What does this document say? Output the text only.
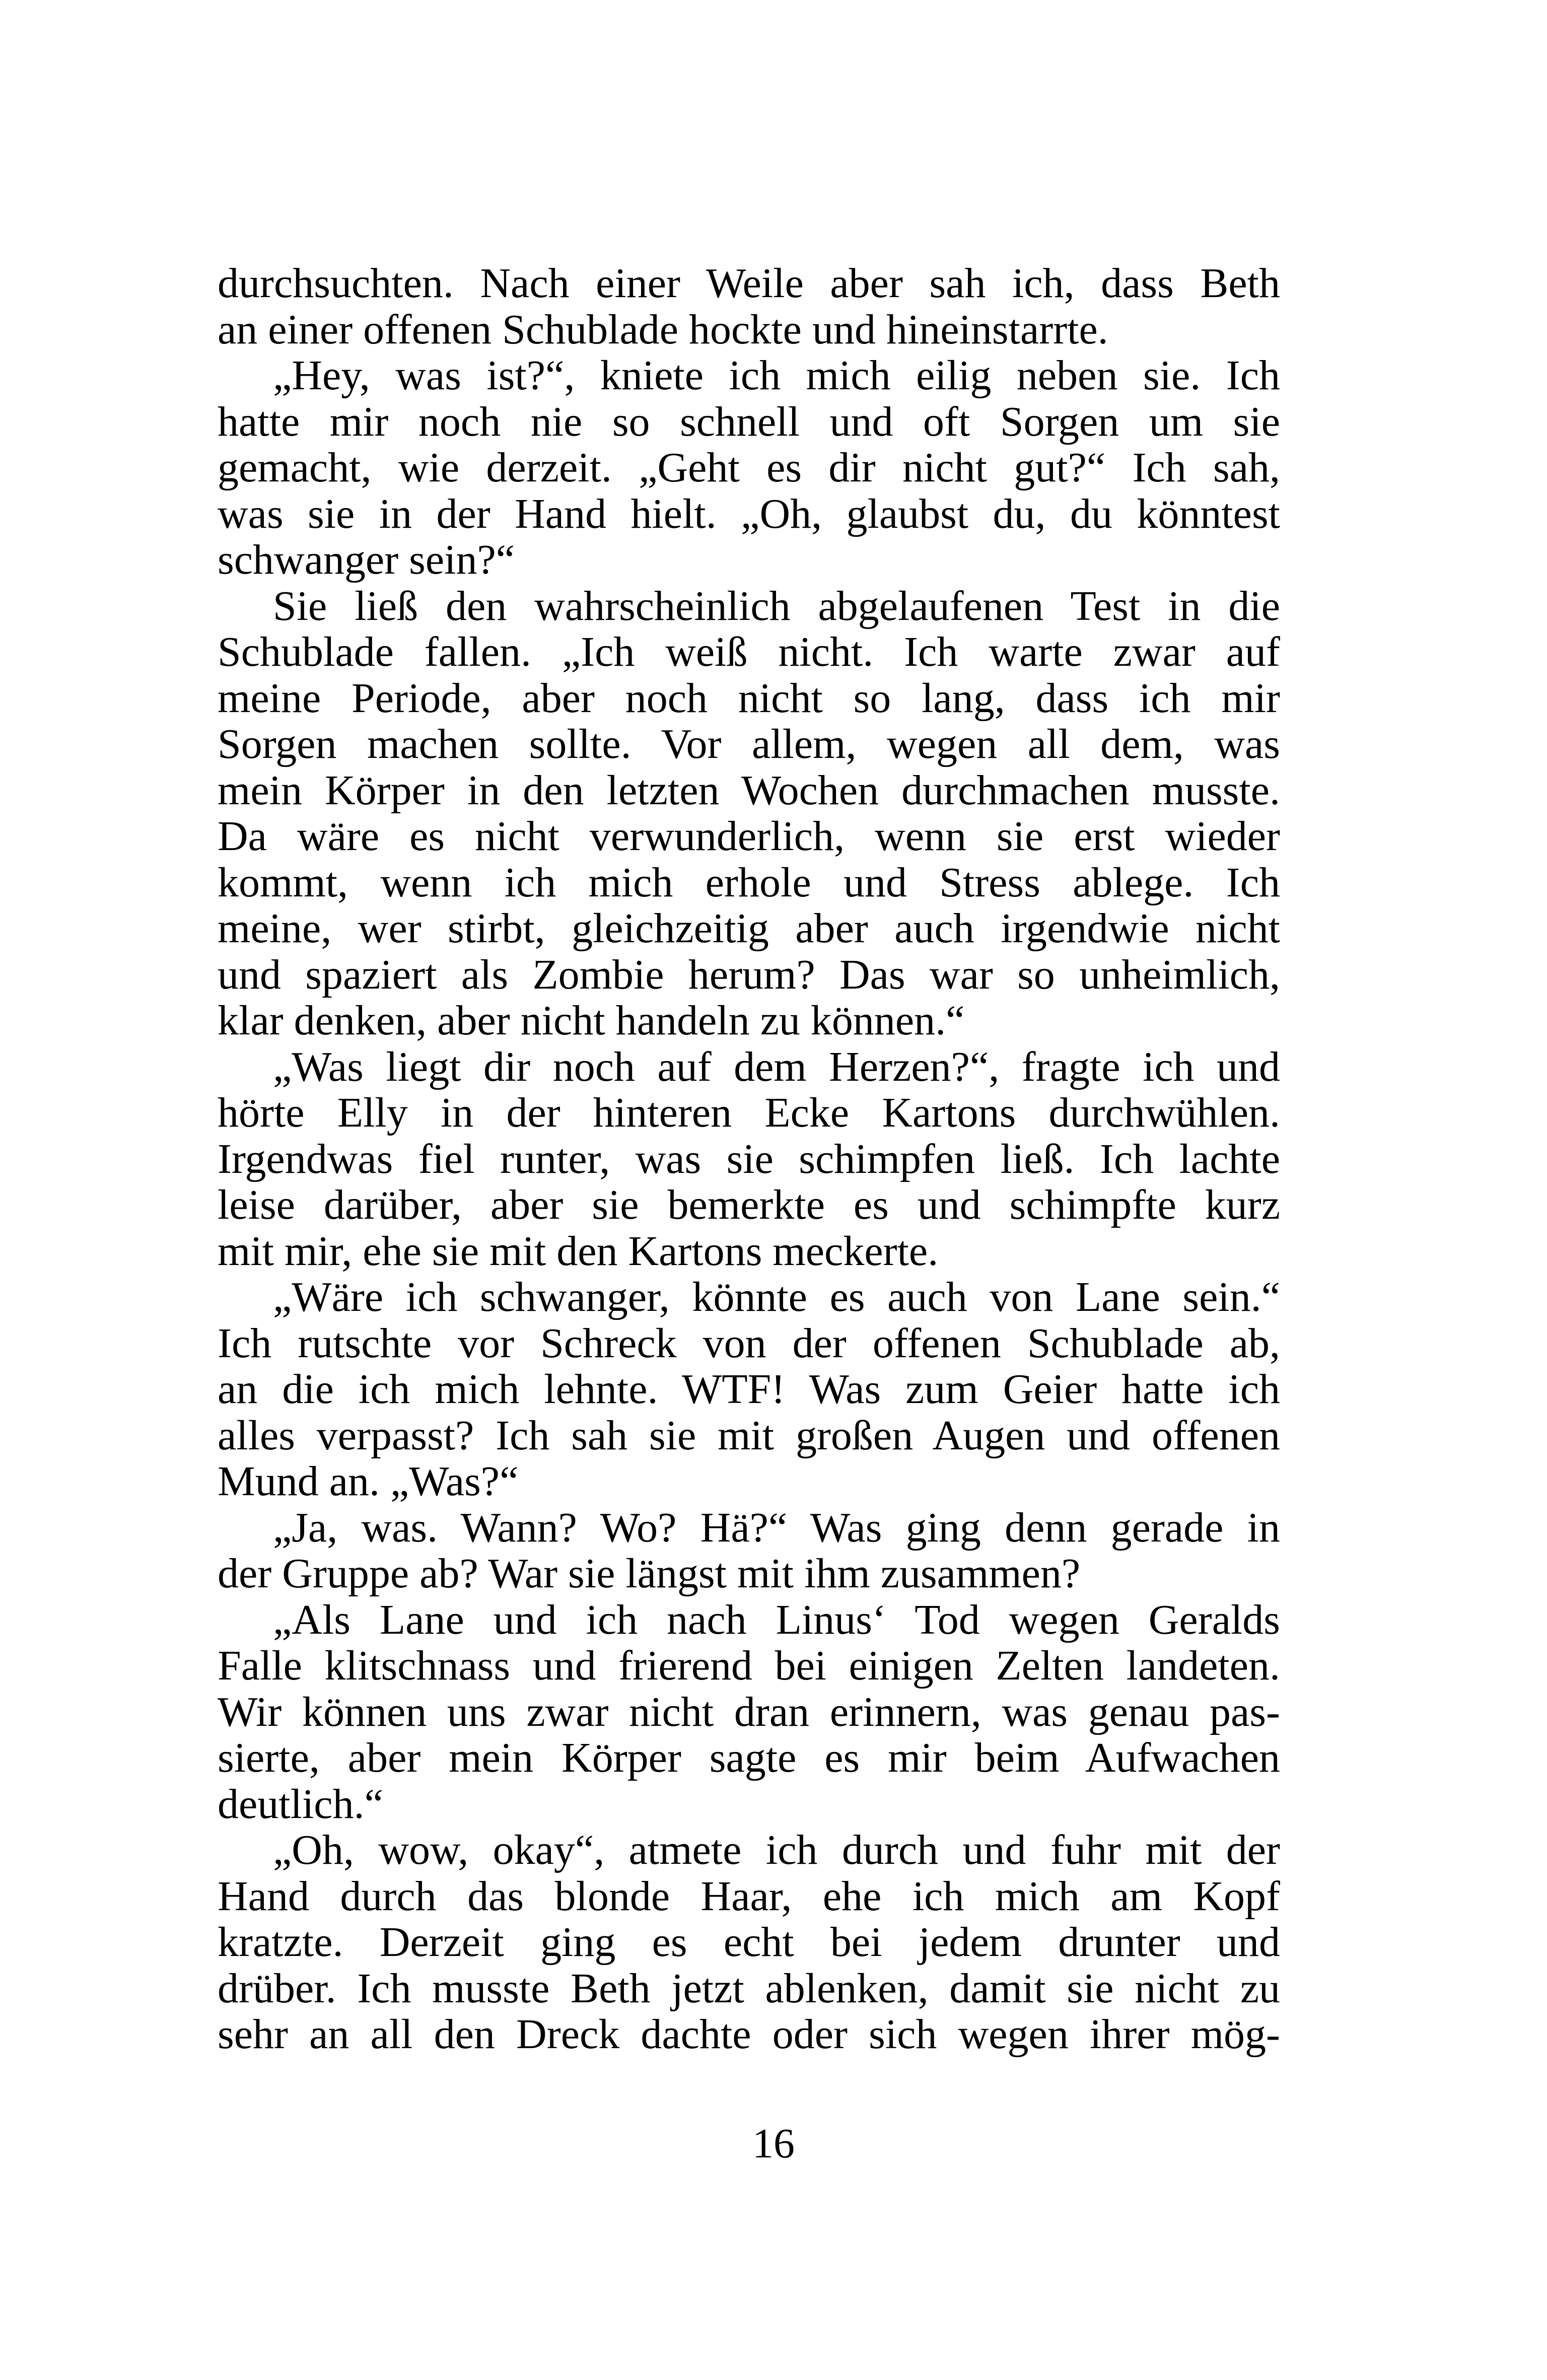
durchsuchten. Nach einer Weile aber sah ich, dass Beth
an einer offenen Schublade hockte und hineinstarrte.
„Hey, was ist?“, kniete ich mich eilig neben sie. Ich
hatte mir noch nie so schnell und oft Sorgen um sie
gemacht, wie derzeit. „Geht es dir nicht gut?“ Ich sah,
was sie in der Hand hielt. „Oh, glaubst du, du könntest
schwanger sein?“
Sie ließ den wahrscheinlich abgelaufenen Test in die
Schublade fallen. „Ich weiß nicht. Ich warte zwar auf
meine Periode, aber noch nicht so lang, dass ich mir
Sorgen machen sollte. Vor allem, wegen all dem, was
mein Körper in den letzten Wochen durchmachen musste.
Da wäre es nicht verwunderlich, wenn sie erst wieder
kommt, wenn ich mich erhole und Stress ablege. Ich
meine, wer stirbt, gleichzeitig aber auch irgendwie nicht
und spaziert als Zombie herum? Das war so unheimlich,
klar denken, aber nicht handeln zu können.“
„Was liegt dir noch auf dem Herzen?“, fragte ich und
hörte Elly in der hinteren Ecke Kartons durchwühlen.
Irgendwas fiel runter, was sie schimpfen ließ. Ich lachte
leise darüber, aber sie bemerkte es und schimpfte kurz
mit mir, ehe sie mit den Kartons meckerte.
„Wäre ich schwanger, könnte es auch von Lane sein.“
Ich rutschte vor Schreck von der offenen Schublade ab,
an die ich mich lehnte. WTF! Was zum Geier hatte ich
alles verpasst? Ich sah sie mit großen Augen und offenen
Mund an. „Was?“
„Ja, was. Wann? Wo? Hä?“ Was ging denn gerade in
der Gruppe ab? War sie längst mit ihm zusammen?
„Als Lane und ich nach Linus‘ Tod wegen Geralds
Falle klitschnass und frierend bei einigen Zelten landeten.
Wir können uns zwar nicht dran erinnern, was genau pas-
sierte, aber mein Körper sagte es mir beim Aufwachen
deutlich.“
„Oh, wow, okay“, atmete ich durch und fuhr mit der
Hand durch das blonde Haar, ehe ich mich am Kopf
kratzte. Derzeit ging es echt bei jedem drunter und
drüber. Ich musste Beth jetzt ablenken, damit sie nicht zu
sehr an all den Dreck dachte oder sich wegen ihrer mög-
16
